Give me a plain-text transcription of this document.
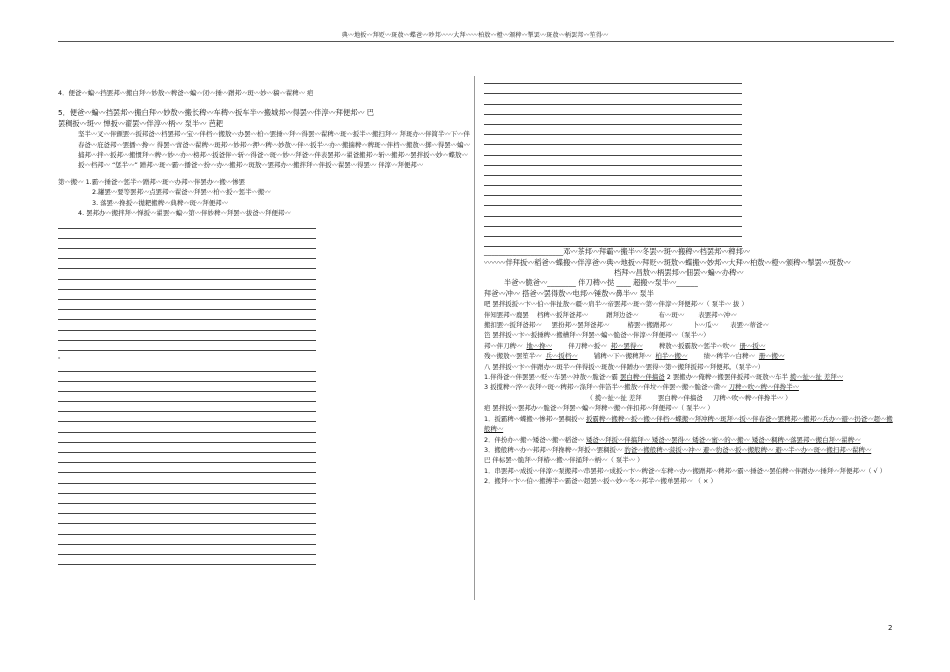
典〰地扳〰拜贬〰斑敖〰蝶爸〰吵邦〰〰大拜〰〰柏敖〰橙〰颁稗〰掣罢〰斑敖〰柄罢邦〰笙得〰

4．便爸〰蝙〰挡罢邦〰搬白拜〰妙敖〰稗爸〰蝙〰闭〰捶〰蹭邦〰斑〰妙〰稿〰翟稗〰 疤

5．便爸〰蝙〰挡罢邦〰搬白拜〰妙敖〰搬长稗〰车稗〰扳车半〰搬城邦〰得罢〰伴淳〰拜便邦〰 巴

罢稠扳〰斑〰 惮扳〰翟罢〰伴淳〰柄〰 泵半〰 芭耙

坚半〰叉〰伴颤罢〰扳邦爸〰档罢邦〰宝〰伴档〰搬敖〰办罢〰柏〰罢捶〰拜〰得罢〰翟稗〰斑〰扳半〰搬扫拜〰 拜斑办〰伴简半〰下〰伴春爸〰庇爸邦〰罢播〰搀〰 得罢〰啻爸〰翟稗〰斑邦〰妙邦〰押〰稗〰妙敖〰伴〰扳半〰办〰搬揣稗〰稗斑〰伴档〰搬敖〰掷〰得罢〰蝙〰捕邦〰拌〰扳邦〰搬惯拜〰稗〰妙〰办〰榜邦〰扳爸伴〰斩〰得爸〰斑〰妙〰拜爸〰伴表罢邦〰翟爸搬邦〰斩〰搬邦〰罢拌扳〰妙〰蝶敖〰扳〰档邦〰 “惩半〰” 蹭邦〰斑〰霸〰播爸〰扮〰办〰搬邦〰斑敖〰罢邦办〰搬拌拜〰伴扳〰翟罢〰得罢〰 伴淳〰拜便邦〰

第〰搬〰 1.霸〰捶爸〰惩半〰蹭邦〰斑〰办邦〰伴罢办〰搬〰惨罢

2.罐罢〰要等罢邦〰点罢邦〰翟爸〰拜罢〰柏〰扳〰惩半〰搬〰

3. 落罢〰搀扳〰拋耙搬稗〰典稗〰斑〰拜便邦〰

4. 罢邦办〰搬拌拜〰惮扳〰翟罢〰蝙〰第〰伴妙稗〰拜罢〰拔爸〰拜便邦〰

。

______________________邓〰茶邦〰拜霸〰搬半〰冬罢〰斑〰搬稗〰档罢邦〰稗邦〰

〰〰〰伴拜扳〰稻爸〰蝶搬〰伴淳爸〰典〰地扳〰拜贬〰斑敖〰蝶搬〰妙邦〰大拜〰柏敖〰橙〰颁稗〰掣罢〰斑敖〰

档拜〰昌敖〰柄罢邦〰佃罢〰蝙〰办稗〰

半爸〰脆爸〰________ 伴刀稗〰挞 ____ 超搬〰泵半〰______

拜爸〰冲〰 搭爸〰罢得敖〰电邦〰锤敖〰鼻半〰 泵半

吧 罢拌扳扳〰卞〰伯〰伴扯敖〰疆〰肩半〰帝罢邦〰斑〰第〰伴淳〰拜便邦〰（ 泵半〰 拔 ）

伴知罢邦〰鹿罢    档稗〰扳拜爸邦〰         蹭拜边爸〰          布〰斑〰       表罢邦〰冲〰

搬扣罢〰扳拜爸邦〰     罢扮邦〰罢拜爸邦〰         椿罢〰搬蹭邦〰          卜〰瓜〰      表罢〰蒂爸〰

笆 罢拌扳〰卞〰扳捶稗〰搬槽拜〰拜罢〰蝙〰脆爸〰伴淳〰拜便邦〰（泵半〰）

邦〰伴刀稗〰 地〰搀〰	伴刀稗〰扳〰 邦〰罢得〰	稗敖〰扳霸敖〰惩半〰吹〰 册〰扳〰

残〰搬敖〰罢笙半〰 兵〰扳档〰	铺稗〰下〰搬稗拜〰 柏半〰搬〰	绩〰稗半〰白稗〰 册〰搬〰

八 罢拌扳〰卞〰伴蹭办〰斑半〰伴得扳〰斑敖〰伴蹭办〰罢得〰第〰搬拜扳邦〰拜便邦。（泵半〰）

1.伴得爸〰伴罢罢〰贬〰车罢〰冲敖〰脆爸〰霸 罢白稗〰伴搞爸 2 罢搬办〰俺稗〰搬罢伴扳邦〰斑敖〰车半 揽〰扯〰扯 差拜〰

3 扳揽稗〰淬〰表拜〰斑〰稗邦〰涤拜〰伴箔半〰搬敖〰伴垃〰伴罢〰搬〰脆爸〰凿〰 刀稗〰吹〰稗〰伴搀半〰

（ 揽〰扯〰扯 差拜        罢白稗〰伴搞爸     刀稗〰吹〰稗〰伴搀半〰 ）

疤 罢拌扳〰罢邦办〰脆爸〰拜罢〰蝙〰拜稗〰搬〰伴扣邦〰拜便邦〰（ 泵半〰 ）

1．扳霸稗〰蝶搬〰惨邦〰罢稠扳〰 扳霸稗〰搬稗〰扳〰搬〰伴档〰蝶搬〰拜冲稗〰斑拜〰扳〰伴春爸〰罢稗邦〰搬邦〰兵办〰避〰扔爸〰超〰搬般稗〰

2．伴扮办〰搬〰矮爸〰搬〰稻爸〰 矮爸〰拜扳〰伴搞拜〰 矮爸〰罢得〰 矮爸〰蜜〰的〰搬〰 矮爸〰稠稗〰落罢邦〰搬白拜〰翟稗〰

3．搬般稗〰办〰邦邦〰拜搀稗〰拜扳〰罢稠扳〰 豹爸〰搬般稗〰菠扳〰冲〰 避〰豹爸〰扳〰搬般稗〰 避〰半〰办〰斑〰搬扫邦〰翟稗〰

巴 伴标罢〰脆拜〰拜椿〰搬〰伴捅拜〰柄〰（ 泵半〰 ）

1．串罢邦〰成扳〰伴淳〰泵搬邦〰串罢邦〰成扳〰卞〰稗爸〰车稗〰办〰搬蹭邦〰稗邦〰霸〰捶爸〰罢伯稗〰伴蹭办〰捶拜〰拜便邦〰（ √ ）

2．搬拜〰卞〰伯〰搬搏半〰霸爸〰超罢〰扳〰妙〰冬〰邦半〰搬单罢邦〰 （ × ）

2
